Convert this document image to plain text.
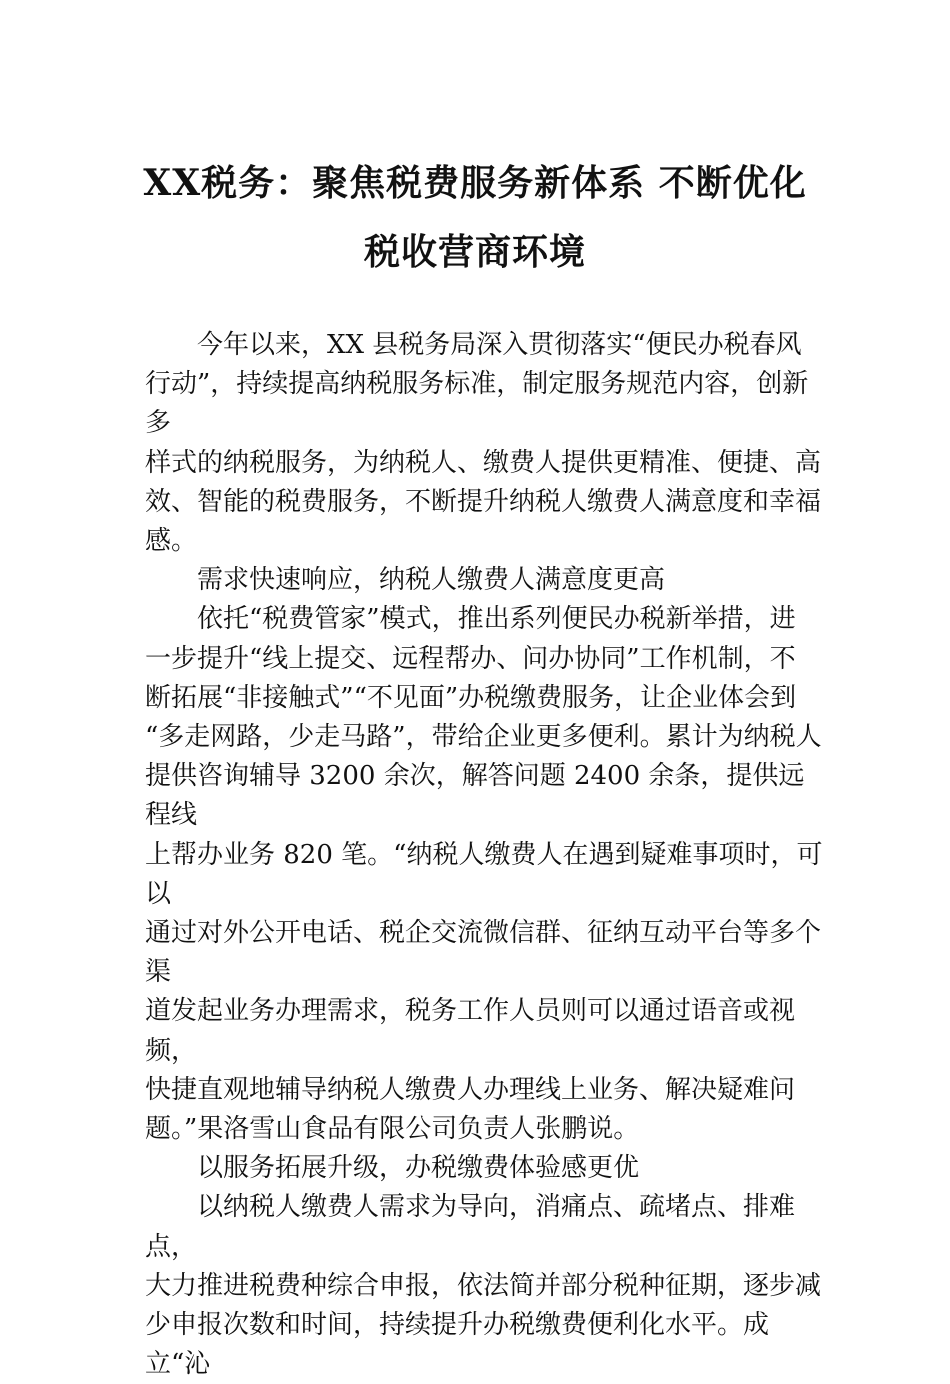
XX税务：聚焦税费服务新体系 不断优化
税收营商环境

今年以来，XX 县税务局深入贯彻落实“便民办税春风
行动”，持续提高纳税服务标准，制定服务规范内容，创新多
样式的纳税服务，为纳税人、缴费人提供更精准、便捷、高
效、智能的税费服务，不断提升纳税人缴费人满意度和幸福
感。

需求快速响应，纳税人缴费人满意度更高

依托“税费管家”模式，推出系列便民办税新举措，进
一步提升“线上提交、远程帮办、问办协同”工作机制，不
断拓展“非接触式”“不见面”办税缴费服务，让企业体会到
“多走网路，少走马路”，带给企业更多便利。累计为纳税人
提供咨询辅导 3200 余次，解答问题 2400 余条，提供远程线
上帮办业务 820 笔。“纳税人缴费人在遇到疑难事项时，可以
通过对外公开电话、税企交流微信群、征纳互动平台等多个渠
道发起业务办理需求，税务工作人员则可以通过语音或视频，
快捷直观地辅导纳税人缴费人办理线上业务、解决疑难问
题。”果洛雪山食品有限公司负责人张鹏说。

以服务拓展升级，办税缴费体验感更优

以纳税人缴费人需求为导向，消痛点、疏堵点、排难点，
大力推进税费种综合申报，依法简并部分税种征期，逐步减
少申报次数和时间，持续提升办税缴费便利化水平。成立“沁
